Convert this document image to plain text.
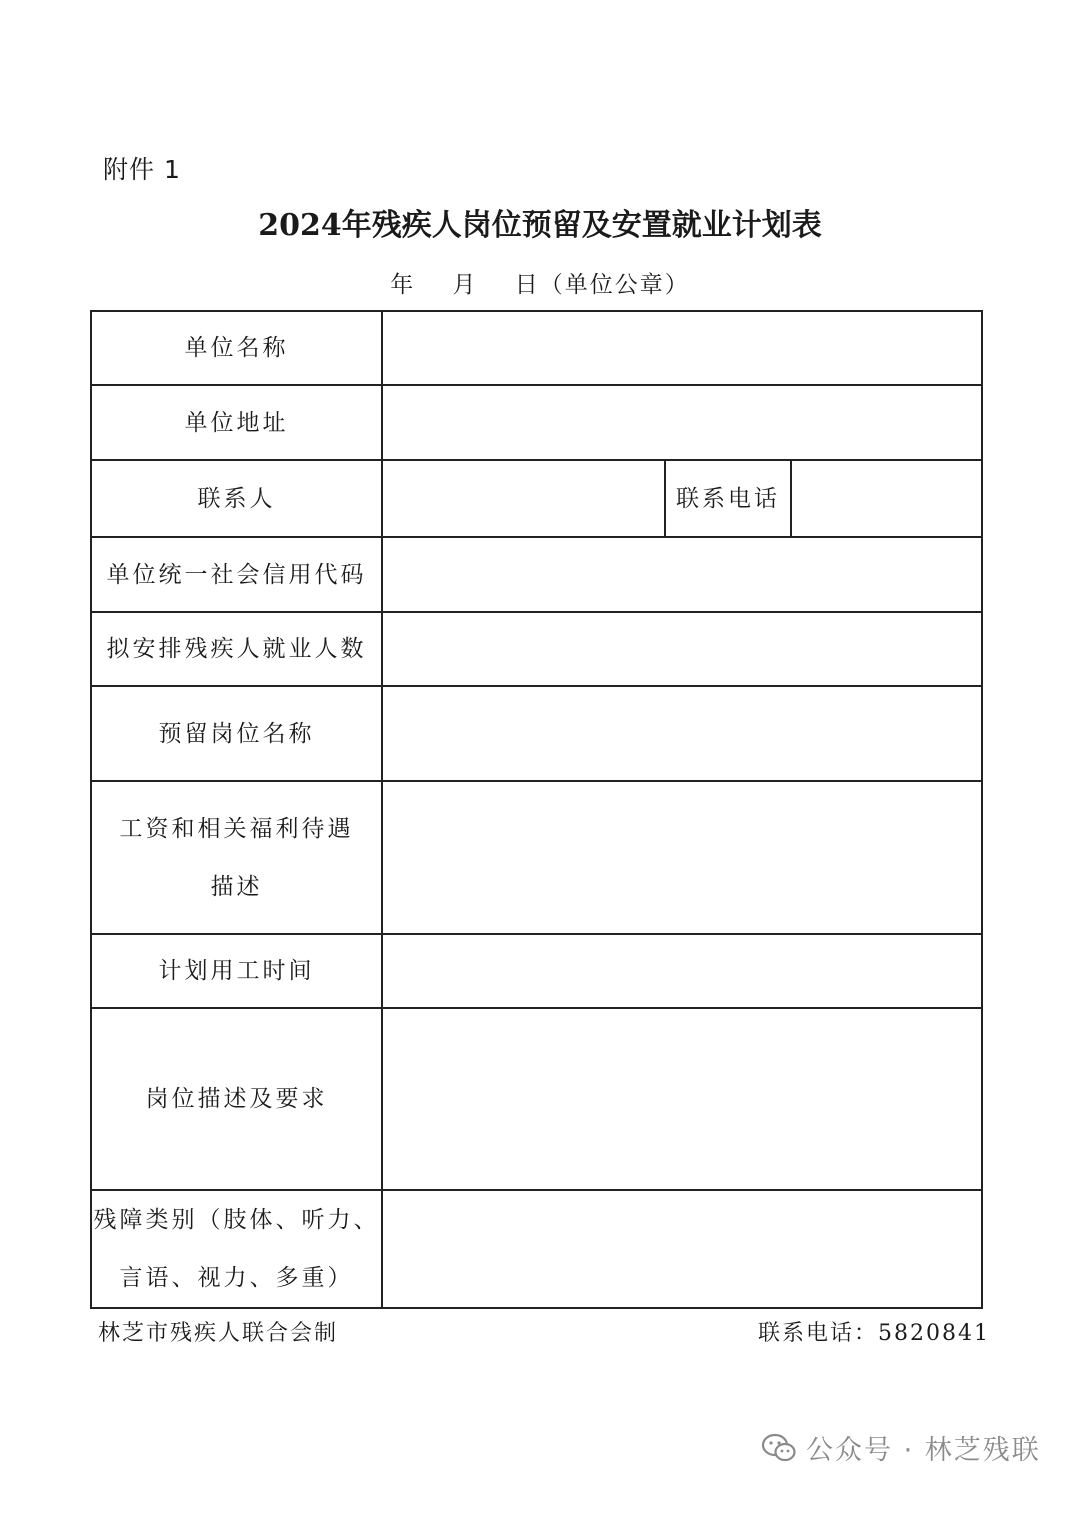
附件 1
2024年残疾人岗位预留及安置就业计划表
年    月    日（单位公章）
单位名称			
单位地址			
联系人		联系电话	
单位统一社会信用代码			
拟安排残疾人就业人数			
预留岗位名称			

工资和相关福利待遇
描述			

计划用工时间			
岗位描述及要求			

残障类别（肢体、听力、
言语、视力、多重）			

林芝市残疾人联合会制	联系电话：5820841
公众号 · 林芝残联
